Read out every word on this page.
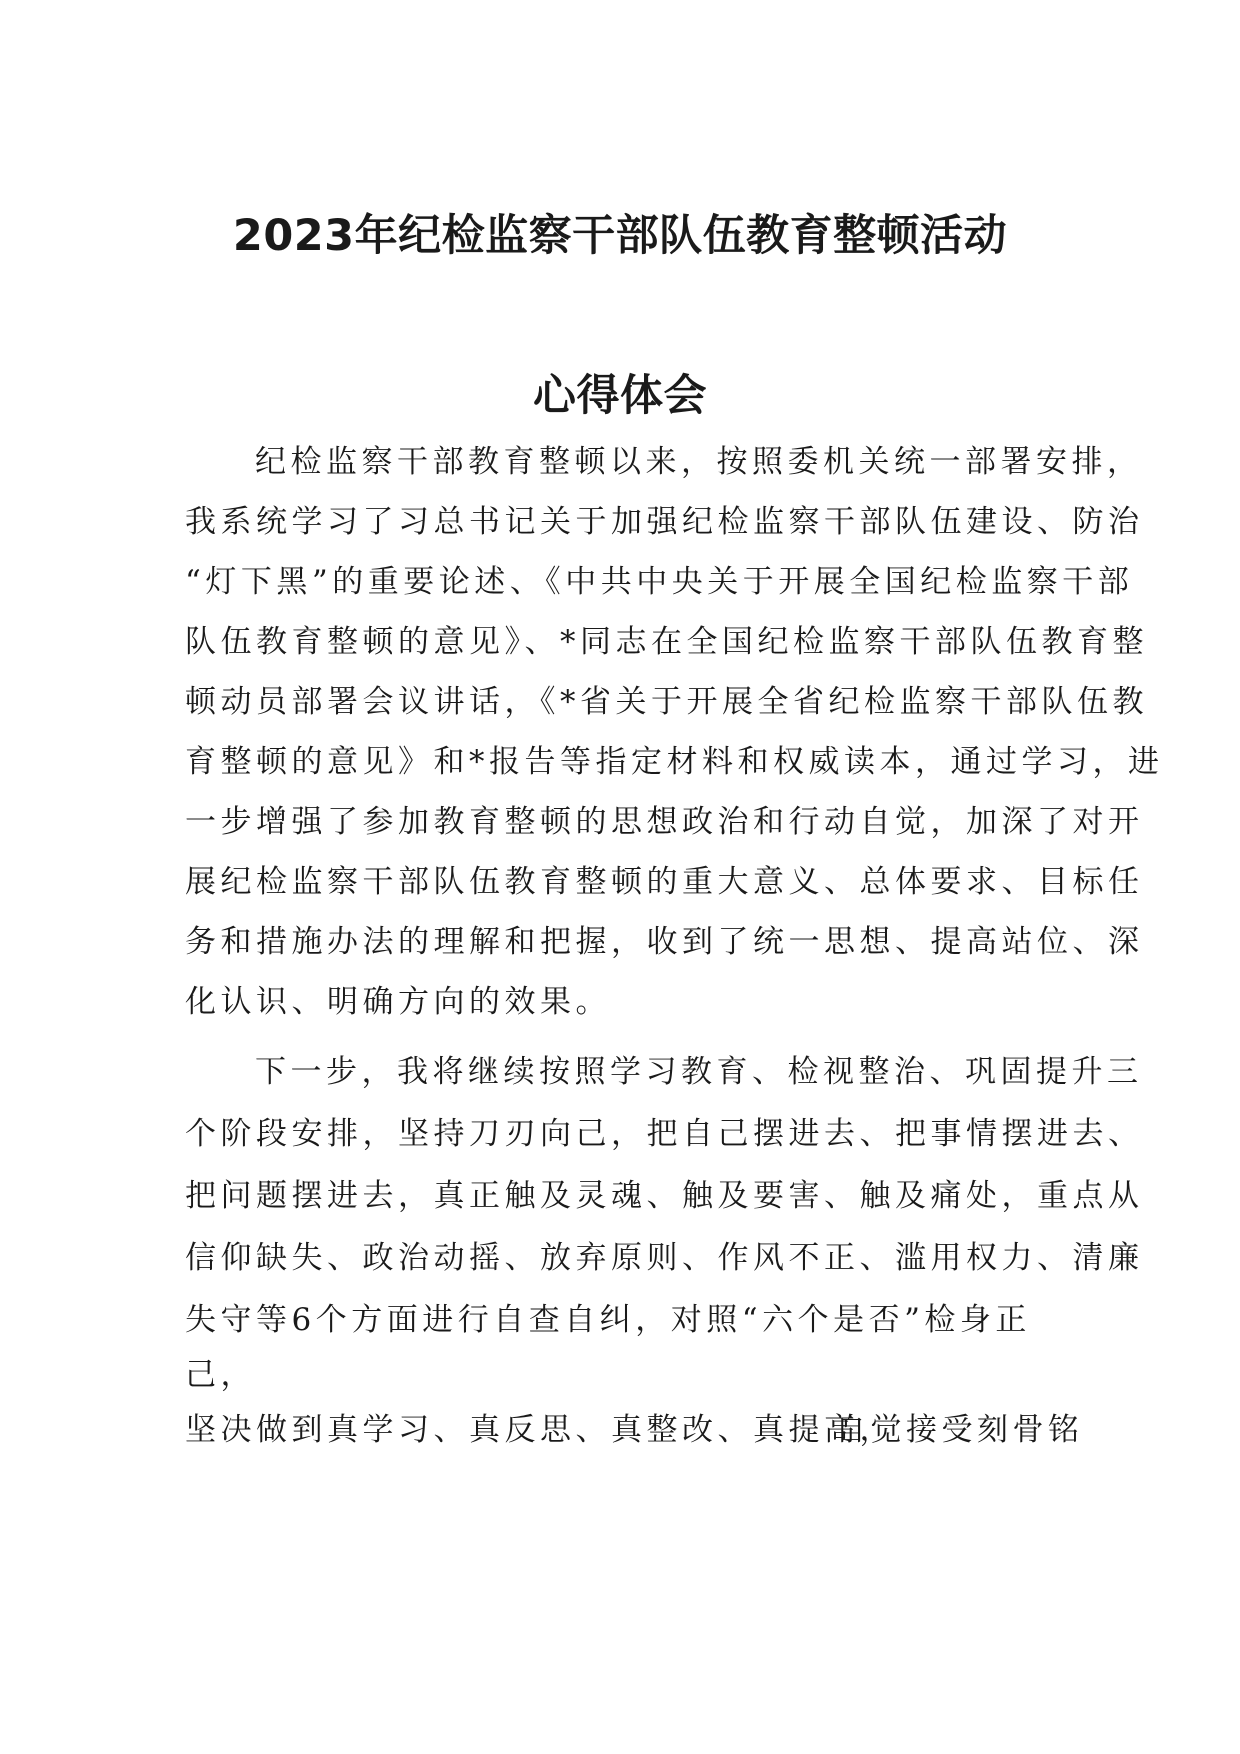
2023年纪检监察干部队伍教育整顿活动
心得体会
纪检监察干部教育整顿以来，按照委机关统一部署安排，
我系统学习了习总书记关于加强纪检监察干部队伍建设、防治
“灯下黑”的重要论述、《中共中央关于开展全国纪检监察干部
队伍教育整顿的意见》、*同志在全国纪检监察干部队伍教育整
顿动员部署会议讲话，《*省关于开展全省纪检监察干部队伍教
育整顿的意见》和*报告等指定材料和权威读本，通过学习，进
一步增强了参加教育整顿的思想政治和行动自觉，加深了对开
展纪检监察干部队伍教育整顿的重大意义、总体要求、目标任
务和措施办法的理解和把握，收到了统一思想、提高站位、深
化认识、明确方向的效果。
下一步，我将继续按照学习教育、检视整治、巩固提升三
个阶段安排，坚持刀刃向己，把自己摆进去、把事情摆进去、
把问题摆进去，真正触及灵魂、触及要害、触及痛处，重点从
信仰缺失、政治动摇、放弃原则、作风不正、滥用权力、清廉
失守等6个方面进行自查自纠，对照“六个是否”检身正
己，
坚决做到真学习、真反思、真整改、真提高，
自觉接受刻骨铭
